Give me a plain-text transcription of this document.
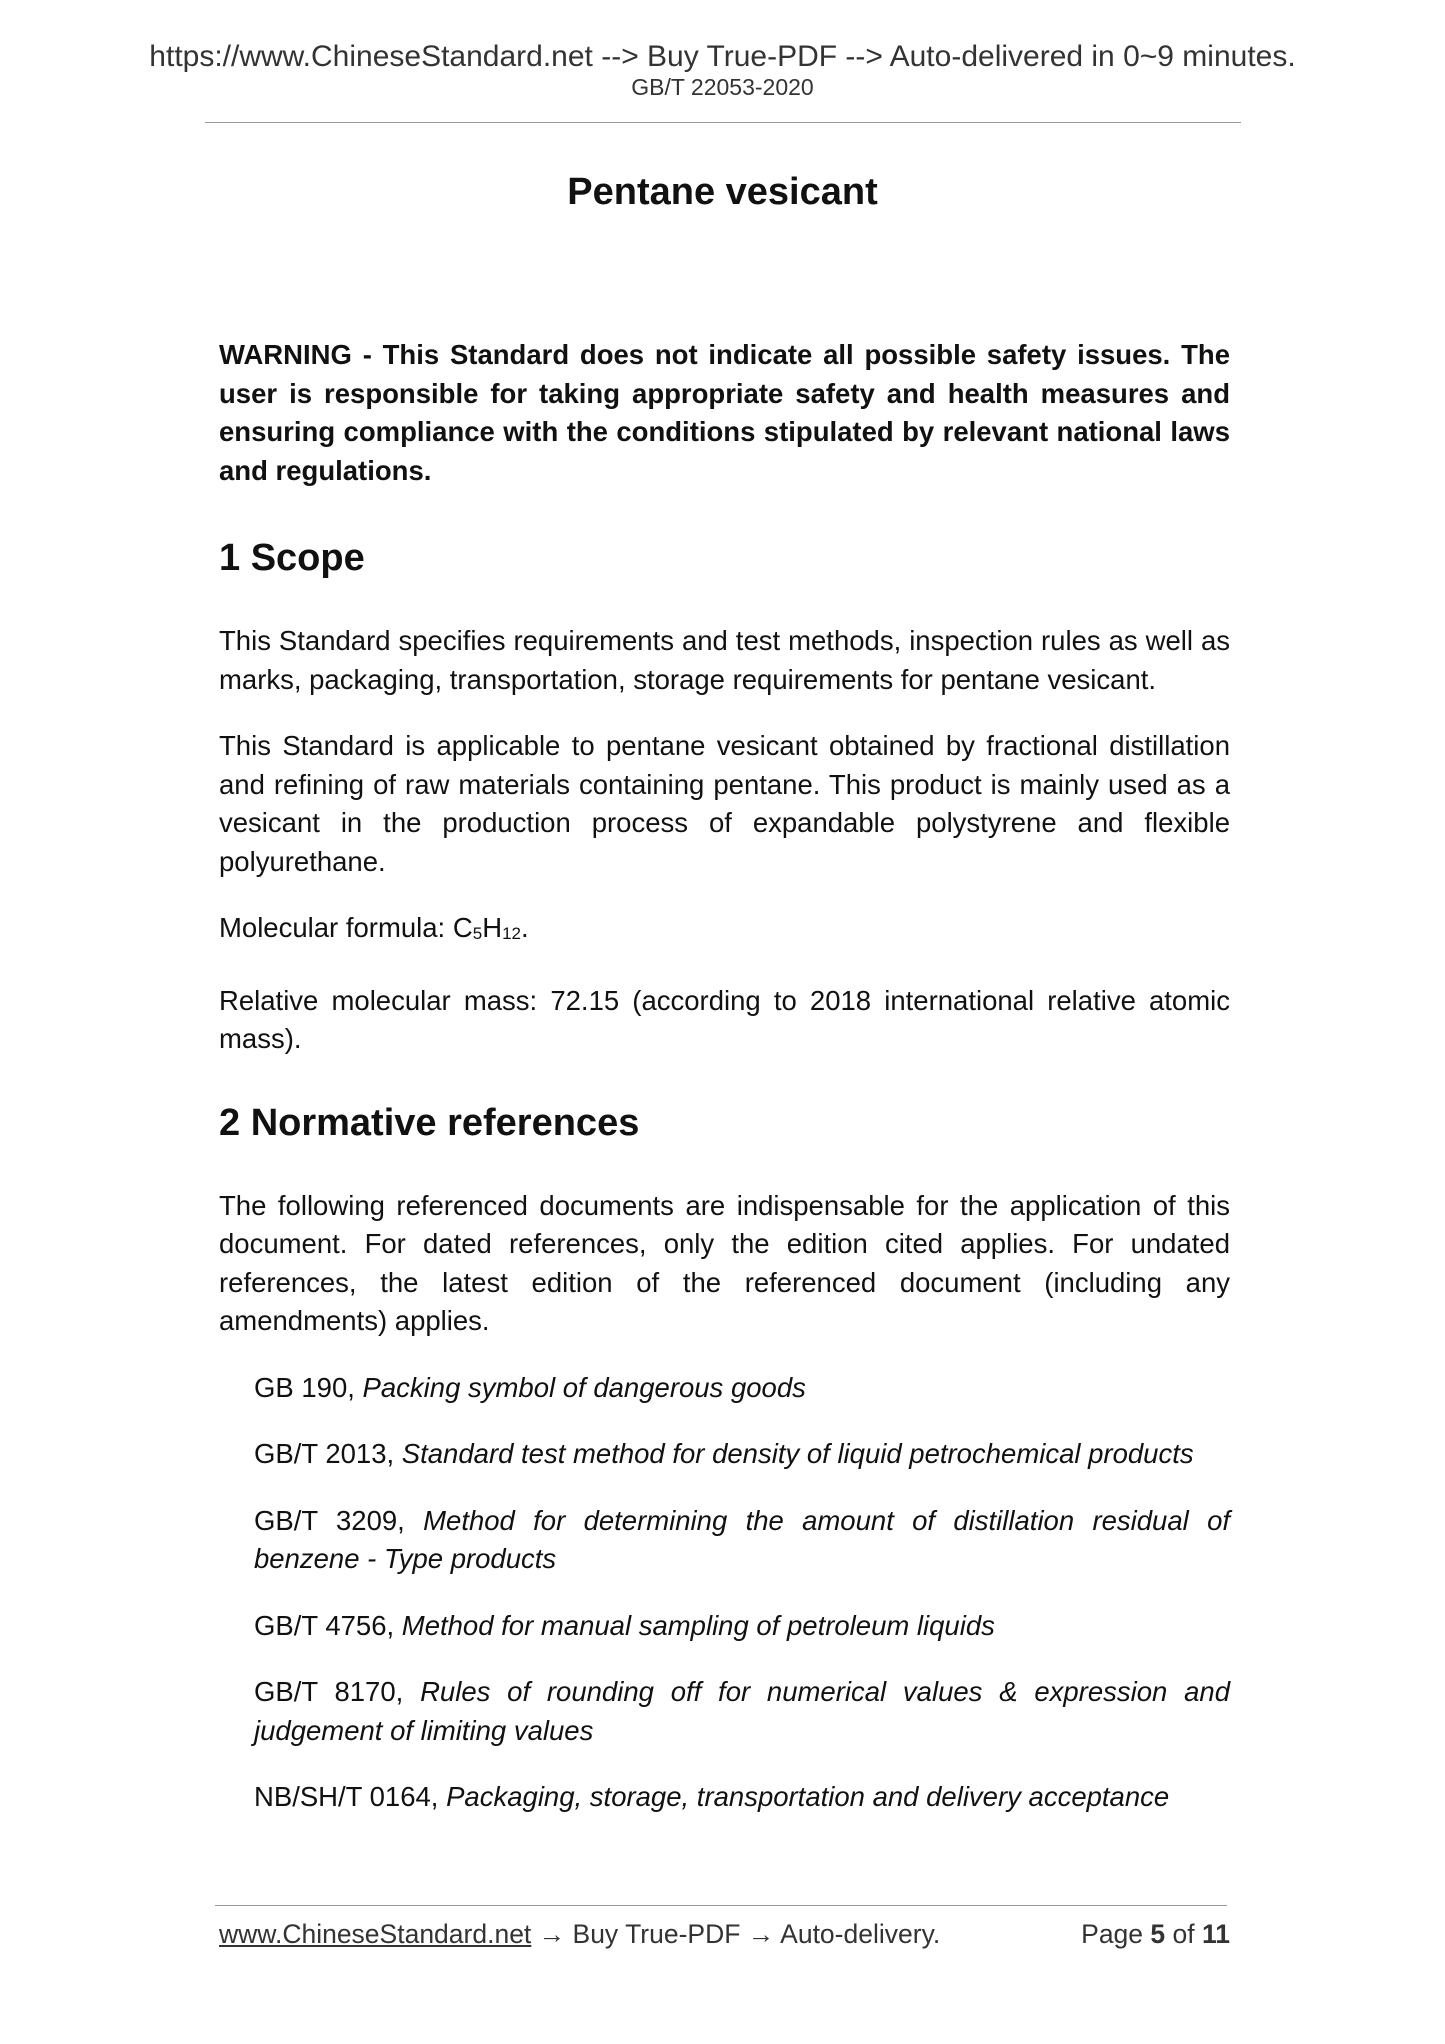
https://www.ChineseStandard.net --> Buy True-PDF --> Auto-delivered in 0~9 minutes.
GB/T 22053-2020
Pentane vesicant

WARNING - This Standard does not indicate all possible safety issues. The user is responsible for taking appropriate safety and health measures and ensuring compliance with the conditions stipulated by relevant national laws and regulations.

1 Scope

This Standard specifies requirements and test methods, inspection rules as well as marks, packaging, transportation, storage requirements for pentane vesicant.

This Standard is applicable to pentane vesicant obtained by fractional distillation and refining of raw materials containing pentane. This product is mainly used as a vesicant in the production process of expandable polystyrene and flexible polyurethane.

Molecular formula: C5H12.

Relative molecular mass: 72.15 (according to 2018 international relative atomic mass).

2 Normative references

The following referenced documents are indispensable for the application of this document. For dated references, only the edition cited applies. For undated references, the latest edition of the referenced document (including any amendments) applies.

GB 190, Packing symbol of dangerous goods

GB/T 2013, Standard test method for density of liquid petrochemical products

GB/T 3209, Method for determining the amount of distillation residual of benzene - Type products

GB/T 4756, Method for manual sampling of petroleum liquids

GB/T 8170, Rules of rounding off for numerical values & expression and judgement of limiting values

NB/SH/T 0164, Packaging, storage, transportation and delivery acceptance

www.ChineseStandard.net → Buy True-PDF → Auto-delivery.	Page 5 of 11
